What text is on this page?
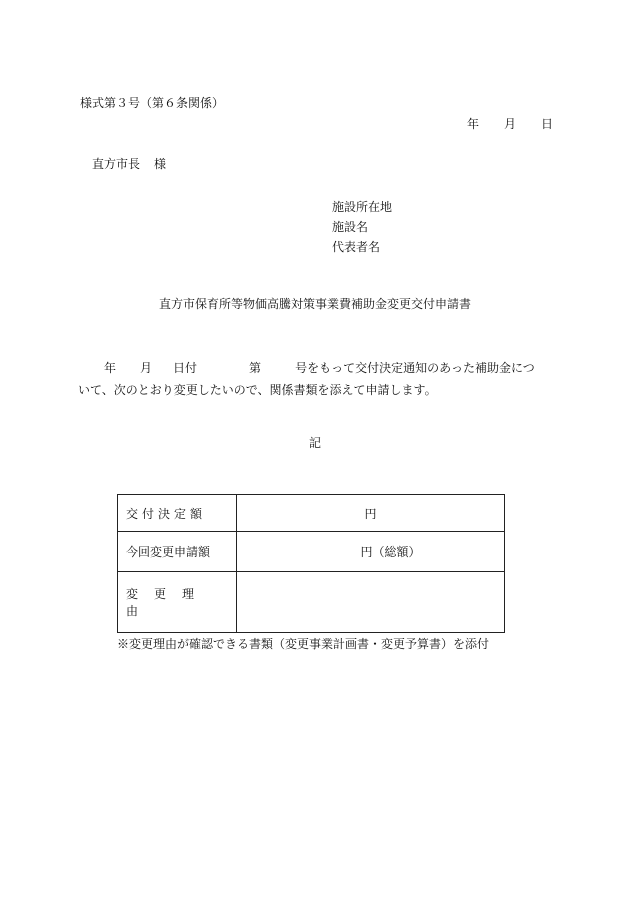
様式第３号（第６条関係）
年 月 日
直方市長 様
施設所在地
施設名
代表者名
直方市保育所等物価高騰対策事業費補助金変更交付申請書
年 月 日付	第	号をもって交付決定通知のあった補助金につ
いて、次のとおり変更したいので、関係書類を添えて申請します。
記
交付決定額	円
今回変更申請額	円（総額）
変更理由	
※変更理由が確認できる書類（変更事業計画書・変更予算書）を添付
